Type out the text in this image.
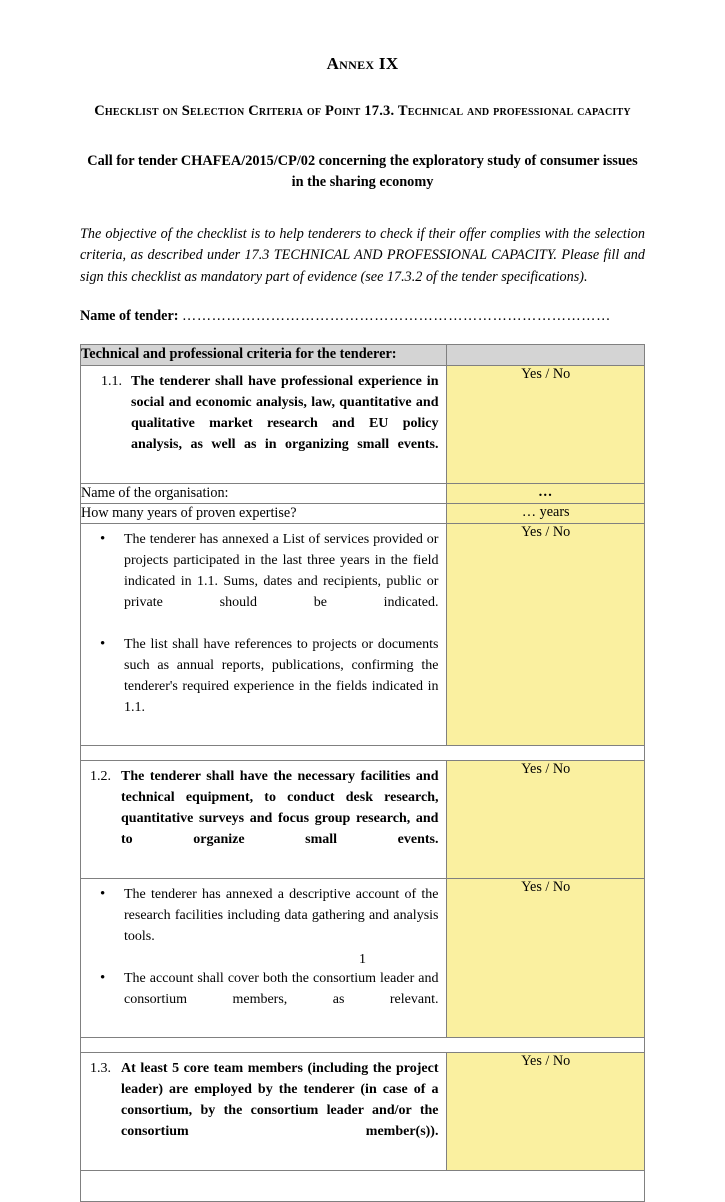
Annex IX
Checklist on Selection Criteria of Point 17.3. Technical and professional capacity
Call for tender CHAFEA/2015/CP/02 concerning the exploratory study of consumer issues in the sharing economy

The objective of the checklist is to help tenderers to check if their offer complies with the selection criteria, as described under 17.3 TECHNICAL AND PROFESSIONAL CAPACITY. Please fill and sign this checklist as mandatory part of evidence (see 17.3.2 of the tender specifications).

Name of tender: ……………………………………………………………………………

Technical and professional criteria for the tenderer:	

1.1. The tenderer shall have professional experience in social and economic analysis, law, quantitative and qualitative market research and EU policy analysis, as well as in organizing small events.	Yes / No
Name of the organisation:	…
How many years of proven expertise?	… years

• The tenderer has annexed a List of services provided or projects participated in the last three years in the field indicated in 1.1. Sums, dates and recipients, public or private should be indicated.
• The list shall have references to projects or documents such as annual reports, publications, confirming the tenderer's required experience in the fields indicated in 1.1.
	Yes / No

1.2. The tenderer shall have the necessary facilities and technical equipment, to conduct desk research, quantitative surveys and focus group research, and to organize small events.	Yes / No

• The tenderer has annexed a descriptive account of the research facilities including data gathering and analysis tools.
• The account shall cover both the consortium leader and consortium members, as relevant.
	Yes / No

1.3. At least 5 core team members (including the project leader) are employed by the tenderer (in case of a consortium, by the consortium leader and/or the consortium member(s)).	Yes / No

1
